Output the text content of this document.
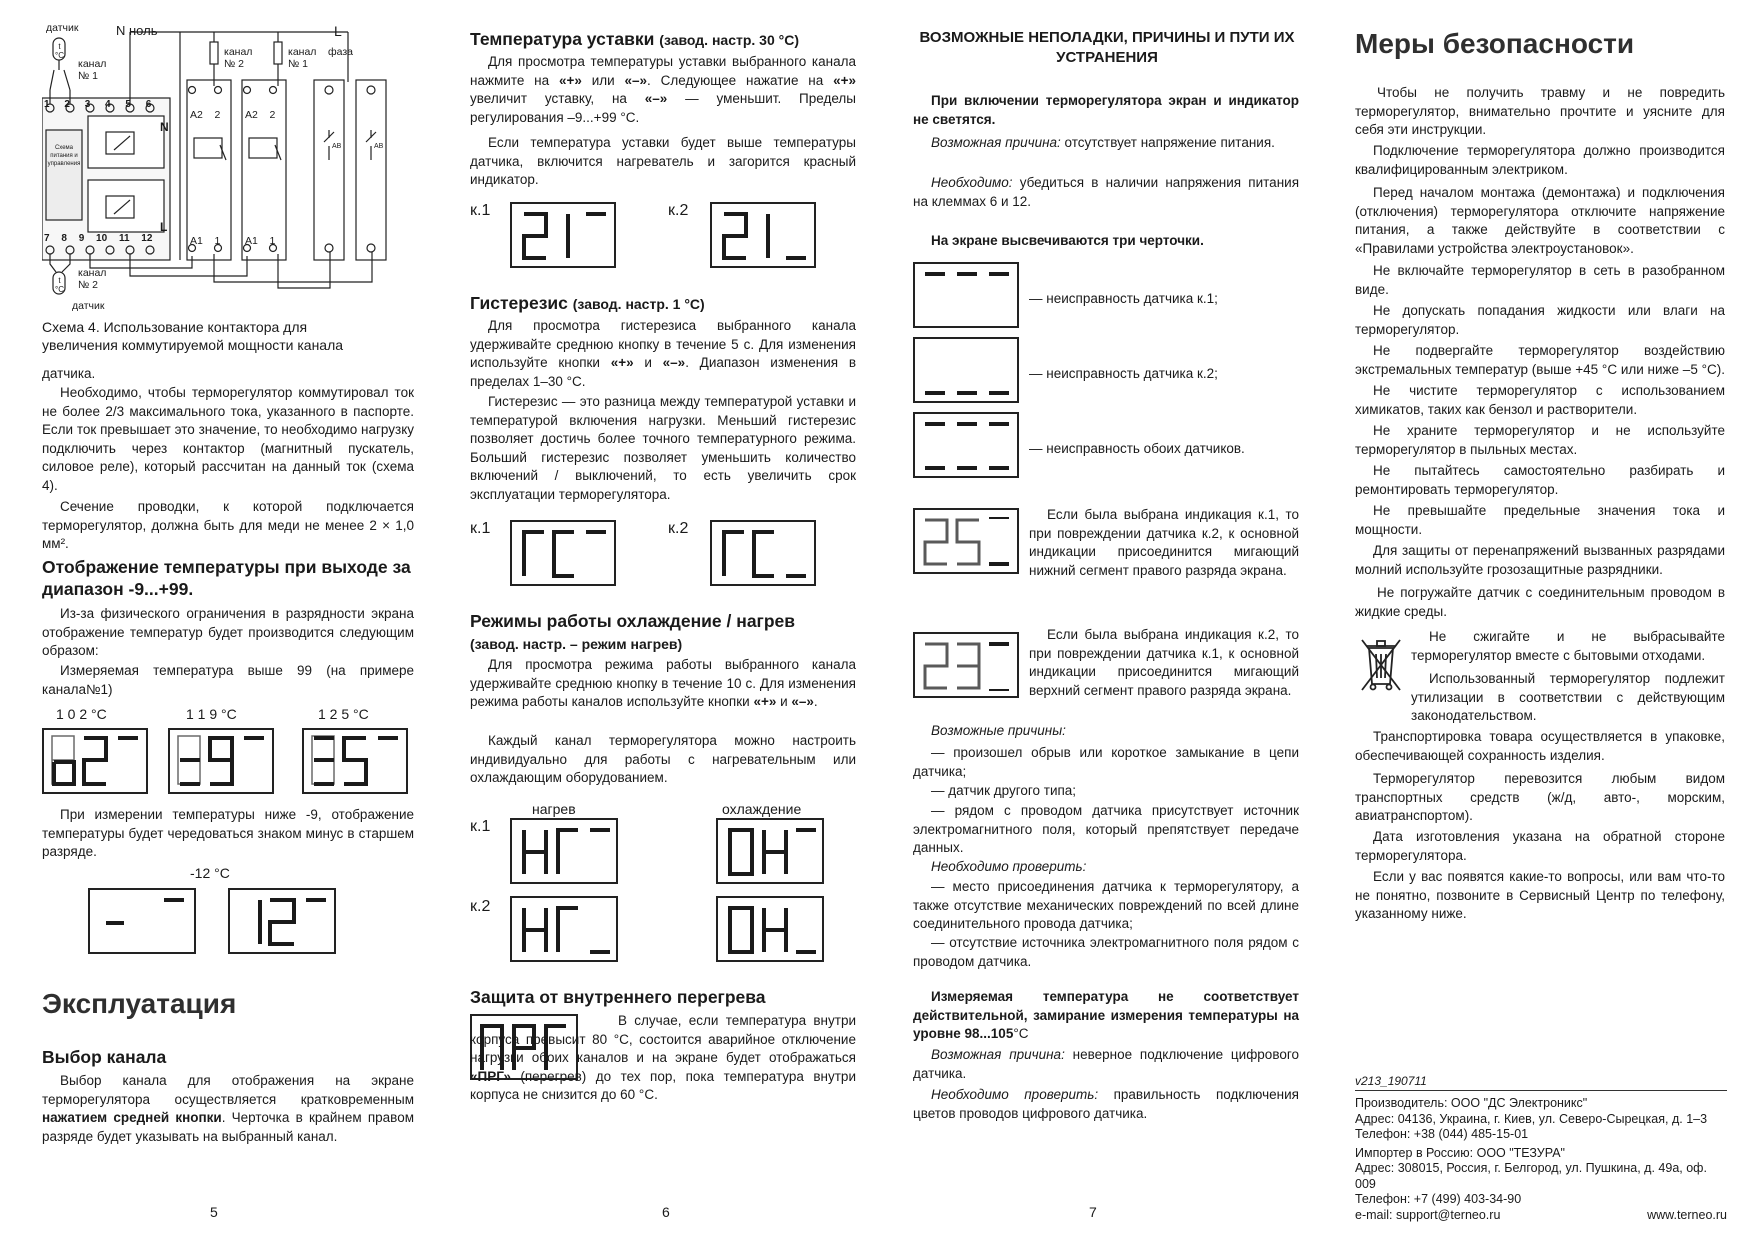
датчик	N ноль	L
фаза
канал
№ 1
канал
№ 2
канал
№ 1
Схема питания и управления
канал
№ 2
датчик
t
°C
t
°C
1 2 3 4 5 6
7 8 9 10 11 12
N
L
A2 2 A2 2
A1 1 A1 1
АВ	АВ
Схема 4. Использование контактора для увеличения коммутируемой мощности канала

датчика.

Необходимо, чтобы терморегулятор коммутировал ток не более 2/3 максимального тока, указанного в паспорте. Если ток превышает это значение, то необходимо нагрузку подключить через контактор (магнитный пускатель, силовое реле), который рассчитан на данный ток (схема 4).

Сечение проводки, к которой подключается терморегулятор, должна быть для меди не менее 2 × 1,0 мм².

Отображение температуры при выходе за диапазон -9...+99.

Из-за физического ограничения в разрядности экрана отображение температур будет производится следующим образом:

Измеряемая температура выше 99 (на примере канала№1)

1 0 2 °C	1 1 9 °C	1 2 5 °C

При измерении температуры ниже -9, отображение температуры будет чередоваться знаком минус в старшем разряде.

-12 °C
Эксплуатация
Выбор канала

Выбор канала для отображения на экране терморегулятора осуществляется кратковременным нажатием средней кнопки. Черточка в крайнем правом разряде будет указывать на выбранный канал.

5
Температура уставки (завод. настр. 30 °C)

Для просмотра температуры уставки выбранного канала нажмите на «+» или «–». Следующее нажатие на «+» увеличит уставку, на «–» — уменьшит. Пределы регулирования –9...+99 °C.

Если температура уставки будет выше температуры датчика, включится нагреватель и загорится красный индикатор.

к.1	к.2
Гистерезис (завод. настр. 1 °C)

Для просмотра гистерезиса выбранного канала удерживайте среднюю кнопку в течение 5 с. Для изменения используйте кнопки «+» и «–». Диапазон изменения в пределах 1–30 °C.

Гистерезис — это разница между температурой уставки и температурой включения нагрузки. Меньший гистерезис позволяет достичь более точного температурного режима. Больший гистерезис позволяет уменьшить количество включений / выключений, то есть увеличить срок эксплуатации терморегулятора.

к.1	к.2
Режимы работы охлаждение / нагрев
(завод. настр. – режим нагрев)

Для просмотра режима работы выбранного канала удерживайте среднюю кнопку в течение 10 с. Для изменения режима работы каналов используйте кнопки «+» и «–».

Каждый канал терморегулятора можно настроить индивидуально для работы с нагревательным или охлаждающим оборудованием.

нагрев	охлаждение
к.1
к.2
Защита от внутреннего перегрева

В случае, если температура внутри корпуса превысит 80 °C, состоится аварийное отключение нагрузки обоих каналов и на экране будет отображаться «ПРГ» (перегрев) до тех пор, пока температура внутри корпуса не снизится до 60 °C.

6
ВОЗМОЖНЫЕ НЕПОЛАДКИ, ПРИЧИНЫ И ПУТИ ИХ УСТРАНЕНИЯ

При включении терморегулятора экран и индикатор не светятся.

Возможная причина: отсутствует напряжение питания.

Необходимо: убедиться в наличии напряжения питания на клеммах 6 и 12.

На экране высвечиваются три черточки.

— неисправность датчика к.1;
— неисправность датчика к.2;
— неисправность обоих датчиков.

Если была выбрана индикация к.1, то при повреждении датчика к.2, к основной индикации присоединится мигающий нижний сегмент правого разряда экрана.

Если была выбрана индикация к.2, то при повреждении датчика к.1, к основной индикации присоединится мигающий верхний сегмент правого разряда экрана.

Возможные причины:

— произошел обрыв или короткое замыкание в цепи датчика;

— датчик другого типа;

— рядом с проводом датчика присутствует источник электромагнитного поля, который препятствует передаче данных.

Необходимо проверить:

— место присоединения датчика к терморегулятору, а также отсутствие механических повреждений по всей длине соединительного провода датчика;

— отсутствие источника электромагнитного поля рядом с проводом датчика.

Измеряемая температура не соответствует действительной, замирание измерения температуры на уровне 98...105°C

Возможная причина: неверное подключение цифрового датчика.

Необходимо проверить: правильность подключения цветов проводов цифрового датчика.

7
Меры безопасности

Чтобы не получить травму и не повредить терморегулятор, внимательно прочтите и уясните для себя эти инструкции.

Подключение терморегулятора должно производится квалифицированным электриком.

Перед началом монтажа (демонтажа) и подключения (отключения) терморегулятора отключите напряжение питания, а также действуйте в соответствии с «Правилами устройства электроустановок».

Не включайте терморегулятор в сеть в разобранном виде.

Не допускать попадания жидкости или влаги на терморегулятор.

Не подвергайте терморегулятор воздействию экстремальных температур (выше +45 °C или ниже –5 °C).

Не чистите терморегулятор с использованием химикатов, таких как бензол и растворители.

Не храните терморегулятор и не используйте терморегулятор в пыльных местах.

Не пытайтесь самостоятельно разбирать и ремонтировать терморегулятор.

Не превышайте предельные значения тока и мощности.

Для защиты от перенапряжений вызванных разрядами молний используйте грозозащитные разрядники.

Не погружайте датчик с соединительным проводом в жидкие среды.

Не сжигайте и не выбрасывайте терморегулятор вместе с бытовыми отходами.

Использованный терморегулятор подлежит утилизации в соответствии с действующим законодательством.

Транспортировка товара осуществляется в упаковке, обеспечивающей сохранность изделия.

Терморегулятор перевозится любым видом транспортных средств (ж/д, авто-, морским, авиатранспортом).

Дата изготовления указана на обратной стороне терморегулятора.

Если у вас появятся какие-то вопросы, или вам что-то не понятно, позвоните в Сервисный Центр по телефону, указанному ниже.

v213_190711
Производитель: ООО "ДС Электроникс"
Адрес: 04136, Украина, г. Киев, ул. Северо-Сырецкая, д. 1–3
Телефон: +38 (044) 485-15-01
Импортер в Россию: ООО "ТЕЗУРА"
Адрес: 308015, Россия, г. Белгород, ул. Пушкина, д. 49а, оф. 009
Телефон: +7 (499) 403-34-90
e-mail: support@terneo.ru	www.terneo.ru
